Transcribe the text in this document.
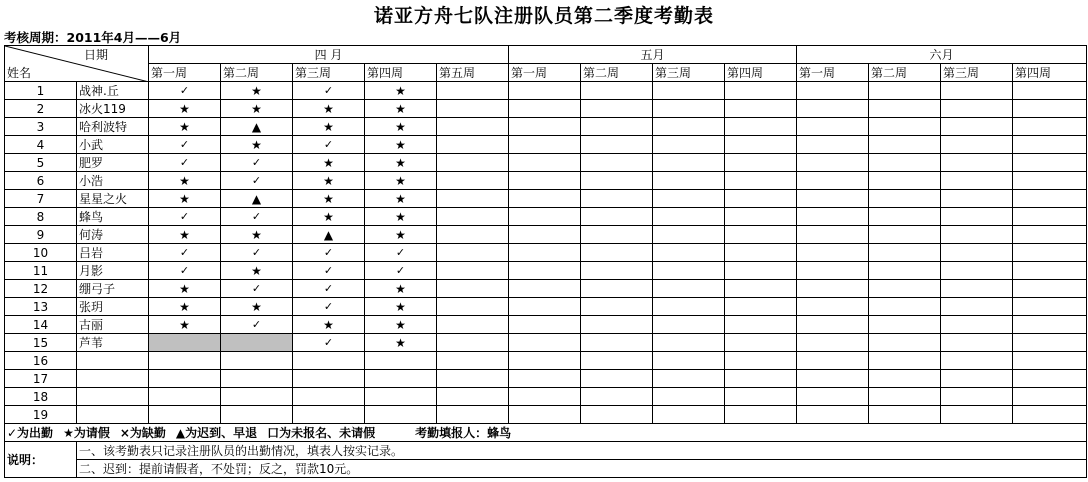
诺亚方舟七队注册队员第二季度考勤表
考核周期：2011年4月——6月
日期
姓名		四 月					五月				六月			
		第一周	第二周	第三周	第四周	第五周	第一周	第二周	第三周	第四周	第一周	第二周	第三周	第四周
1	战神.丘	✓	★	✓	★									
2	冰火119	★	★	★	★									
3	哈利波特	★	▲	★	★									
4	小武	✓	★	✓	★									
5	肥罗	✓	✓	★	★									
6	小浩	★	✓	★	★									
7	星星之火	★	▲	★	★									
8	蜂鸟	✓	✓	★	★									
9	何涛	★	★	▲	★									
10	吕岩	✓	✓	✓	✓									
11	月影	✓	★	✓	✓									
12	绷弓子	★	✓	✓	★									
13	张玥	★	★	✓	★									
14	古丽	★	✓	★	★									
15	芦苇			✓	★									
16														
17														
18														
19														
✓为出勤 ★为请假 ×为缺勤 ▲为迟到、早退 口为未报名、未请假 考勤填报人：蜂鸟														
说明：	一、该考勤表只记录注册队员的出勤情况，填表人按实记录。													
	二、迟到：提前请假者，不处罚；反之，罚款10元。													
